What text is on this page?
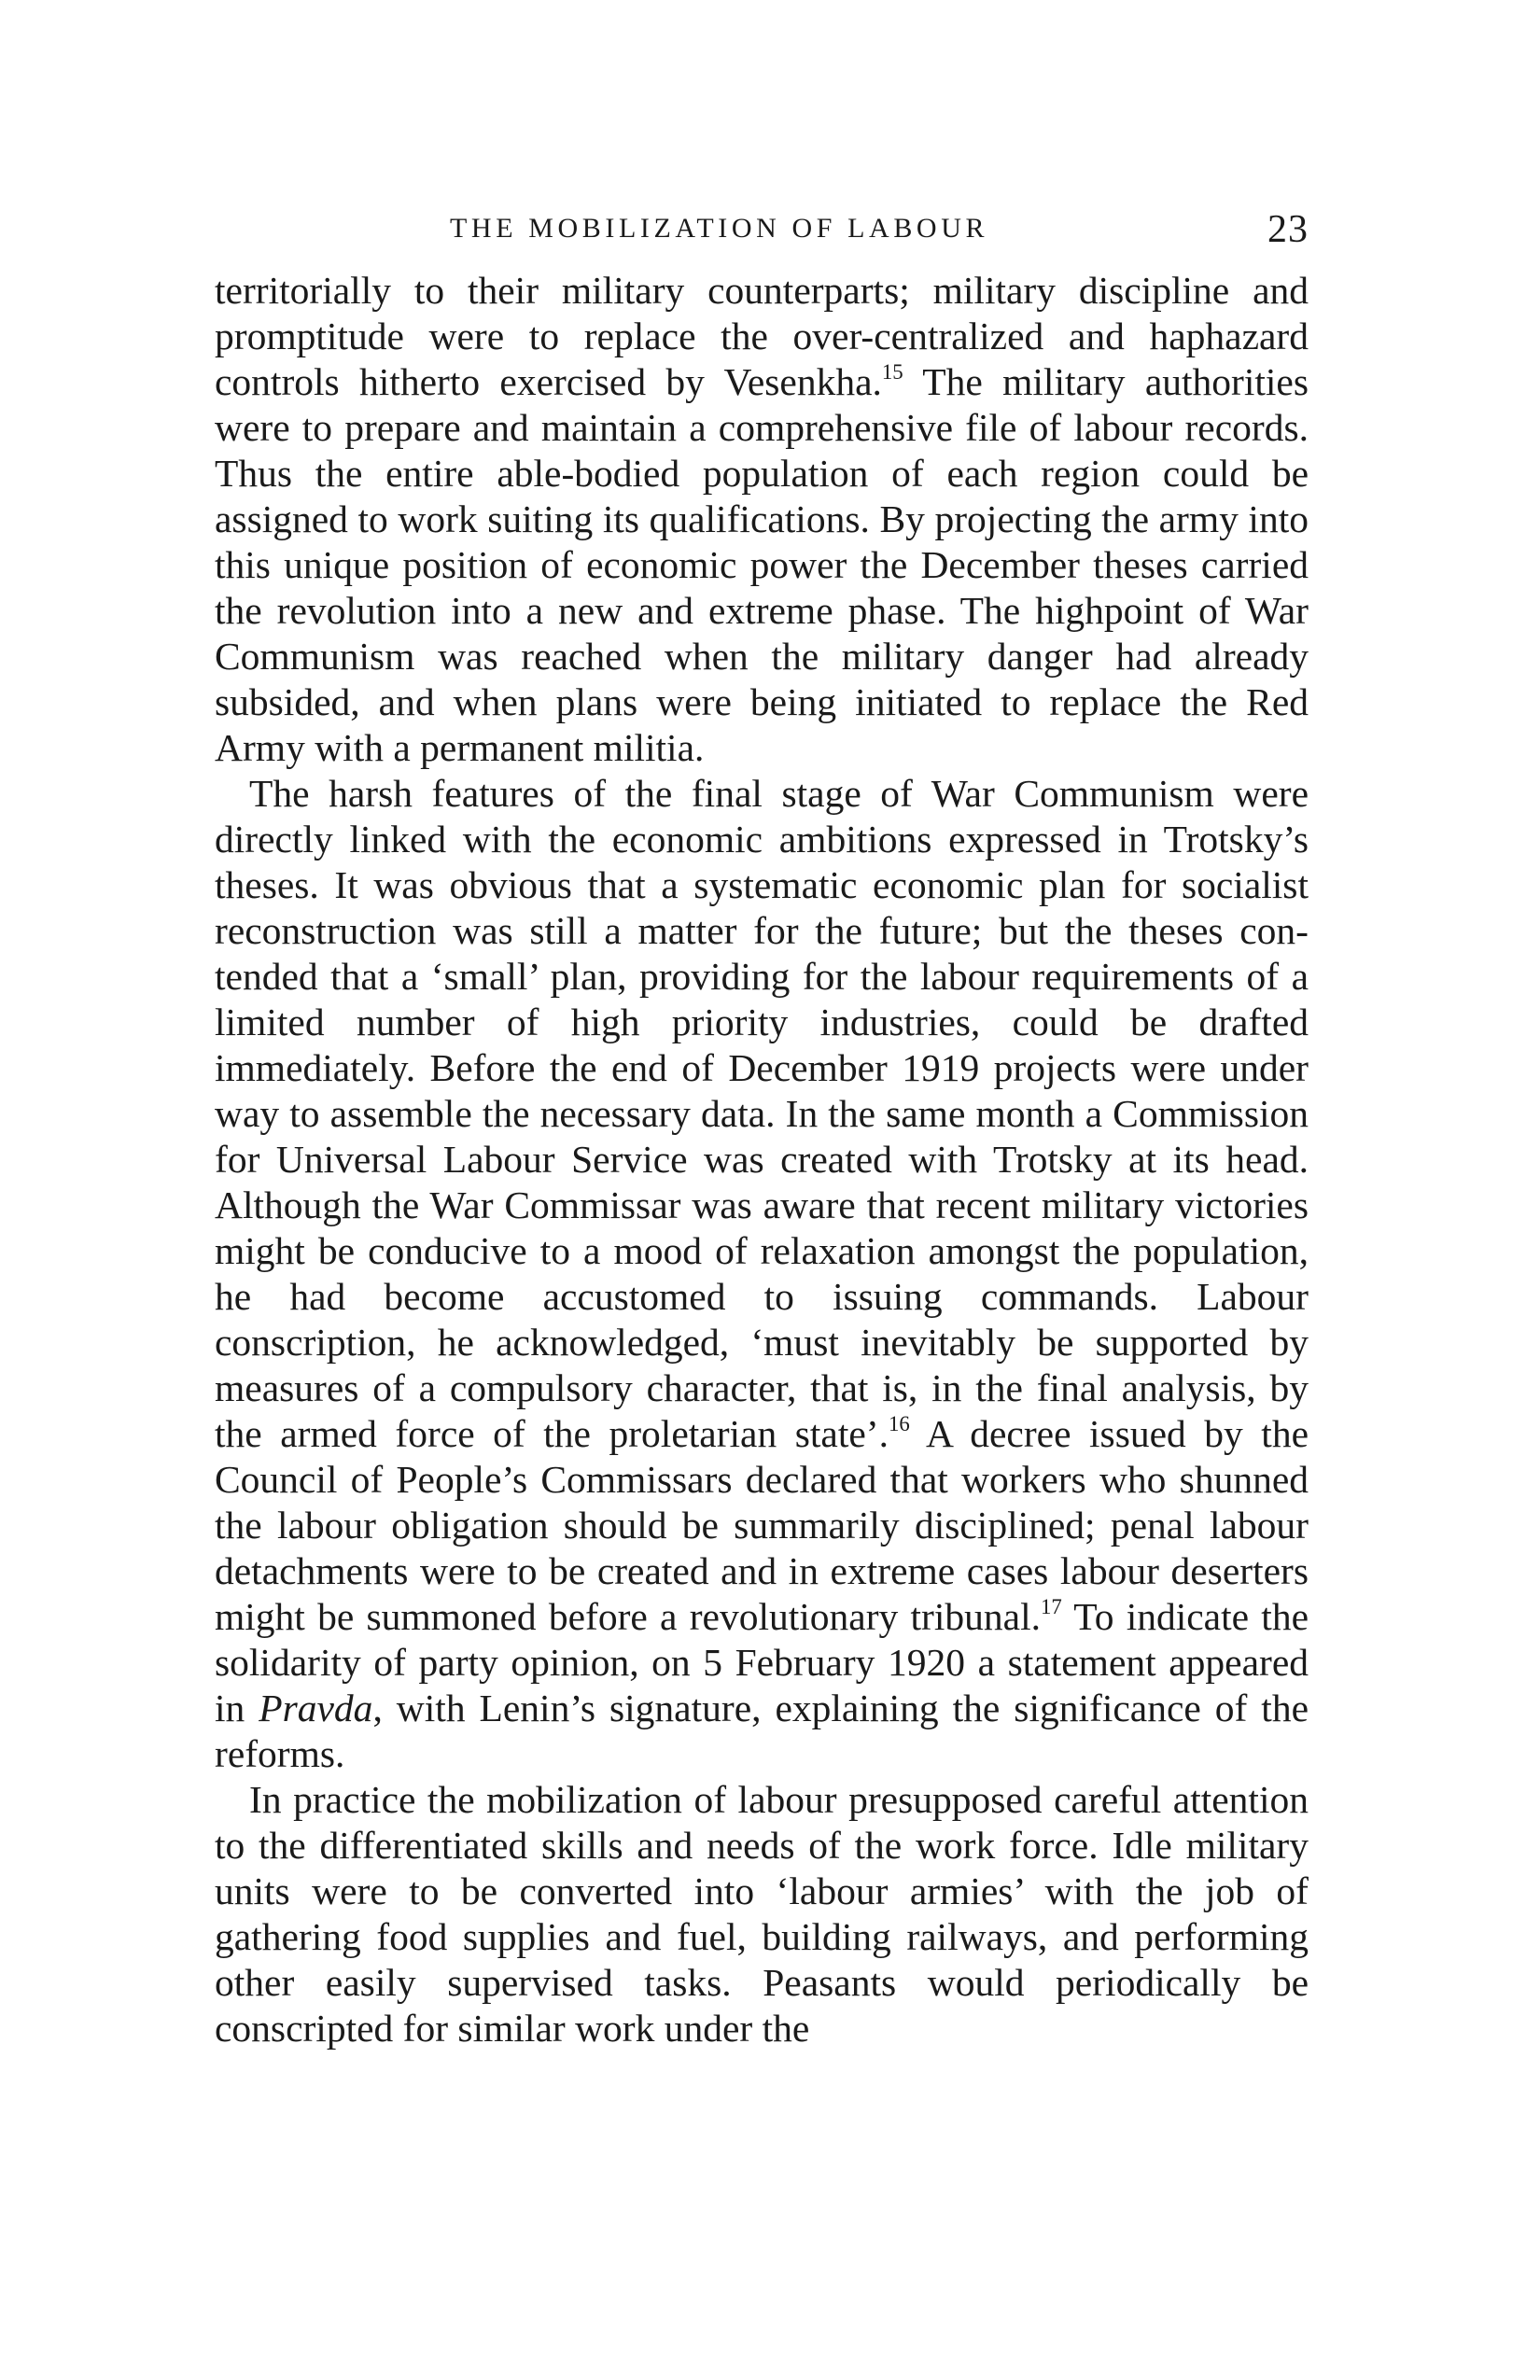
THE MOBILIZATION OF LABOUR	23

territorially to their military counterparts; military discipline and promptitude were to replace the over-centralized and haphazard controls hitherto exercised by Vesenkha.$^{15}$ The military authorities were to prepare and maintain a comprehensive file of labour records. Thus the entire able-bodied population of each region could be assigned to work suiting its qualifications. By projecting the army into this unique position of economic power the December theses carried the revolution into a new and extreme phase. The highpoint of War Communism was reached when the military danger had already subsided, and when plans were being initiated to replace the Red Army with a permanent militia.

The harsh features of the final stage of War Communism were directly linked with the economic ambitions expressed in Trotsky’s theses. It was obvious that a systematic economic plan for socialist reconstruction was still a matter for the future; but the theses contended that a ‘small’ plan, providing for the labour requirements of a limited number of high priority industries, could be drafted immediately. Before the end of December 1919 projects were under way to assemble the necessary data. In the same month a Commission for Universal Labour Service was created with Trotsky at its head. Although the War Commissar was aware that recent military victories might be conducive to a mood of relaxation amongst the population, he had become accustomed to issuing commands. Labour conscription, he acknowledged, ‘must inevitably be supported by measures of a compulsory character, that is, in the final analysis, by the armed force of the proletarian state’.$^{16}$ A decree issued by the Council of People’s Commissars declared that workers who shunned the labour obligation should be summarily disciplined; penal labour detachments were to be created and in extreme cases labour deserters might be summoned before a revolutionary tribunal.$^{17}$ To indicate the solidarity of party opinion, on 5 February 1920 a statement appeared in Pravda, with Lenin’s signature, explaining the significance of the reforms.

In practice the mobilization of labour presupposed careful attention to the differentiated skills and needs of the work force. Idle military units were to be converted into ‘labour armies’ with the job of gathering food supplies and fuel, building railways, and performing other easily supervised tasks. Peasants would periodically be conscripted for similar work under the
